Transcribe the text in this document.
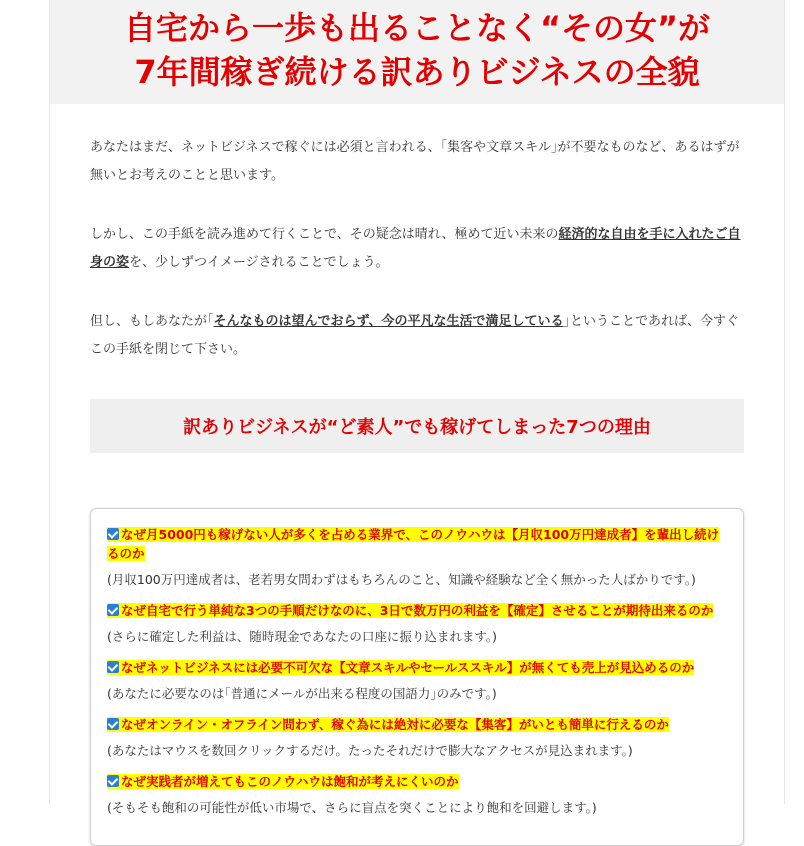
自宅から一歩も出ることなく“その女”が
7年間稼ぎ続ける訳ありビジネスの全貌

あなたはまだ、ネットビジネスで稼ぐには必須と言われる、｢集客や文章スキル｣が不要なものなど、あるはずが無いとお考えのことと思います。

しかし、この手紙を読み進めて行くことで、その疑念は晴れ、極めて近い未来の経済的な自由を手に入れたご自身の姿を、少しずつイメージされることでしょう。

但し、もしあなたが｢そんなものは望んでおらず、今の平凡な生活で満足している｣ということであれば、今すぐこの手紙を閉じて下さい。

訳ありビジネスが“ど素人”でも稼げてしまった7つの理由
なぜ月5000円も稼げない人が多くを占める業界で、このノウハウは【月収100万円達成者】を輩出し続けるのか
(月収100万円達成者は、老若男女問わずはもちろんのこと、知識や経験など全く無かった人ばかりです。)
なぜ自宅で行う単純な3つの手順だけなのに、3日で数万円の利益を【確定】させることが期待出来るのか
(さらに確定した利益は、随時現金であなたの口座に振り込まれます。)
なぜネットビジネスには必要不可欠な【文章スキルやセールススキル】が無くても売上が見込めるのか
(あなたに必要なのは｢普通にメールが出来る程度の国語力｣のみです。)
なぜオンライン・オフライン問わず、稼ぐ為には絶対に必要な【集客】がいとも簡単に行えるのか
(あなたはマウスを数回クリックするだけ。たったそれだけで膨大なアクセスが見込まれます。)
なぜ実践者が増えてもこのノウハウは飽和が考えにくいのか
(そもそも飽和の可能性が低い市場で、さらに盲点を突くことにより飽和を回避します。)
